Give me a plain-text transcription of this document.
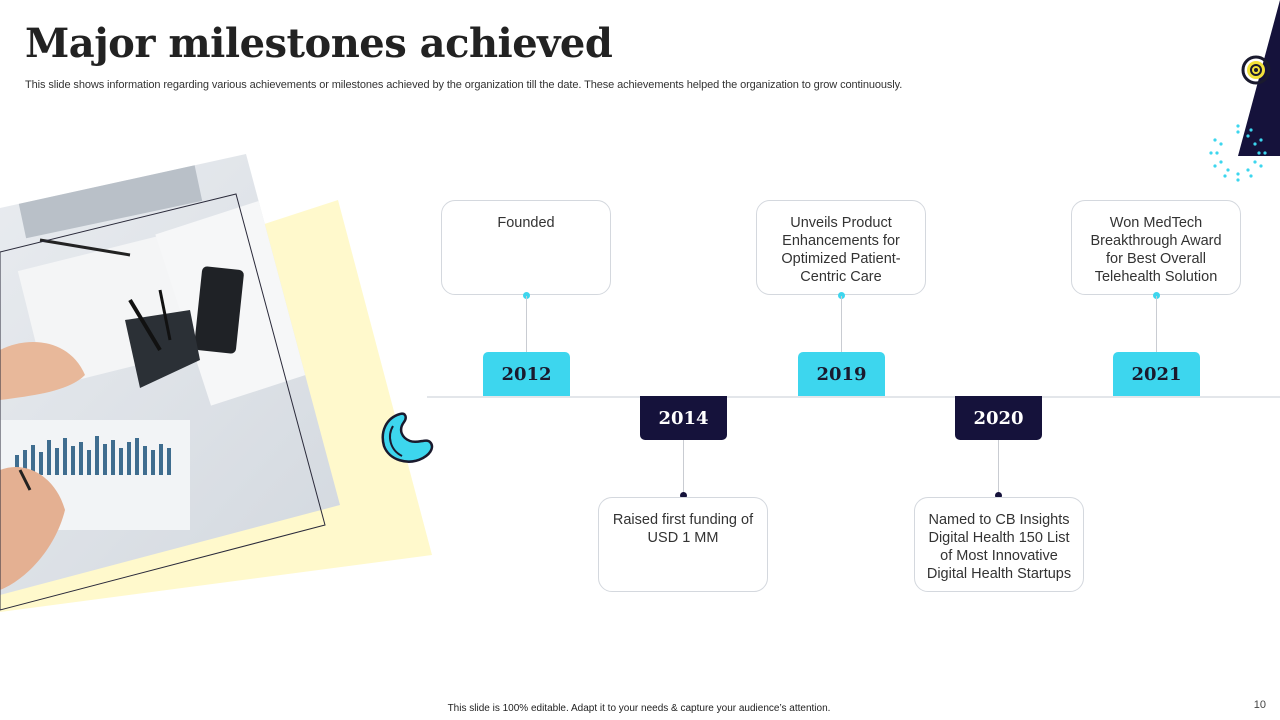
Major milestones achieved
This slide shows information regarding various achievements or milestones achieved by the organization till the date. These achievements helped the organization to grow continuously.
Founded
2012
2014
Raised first funding of USD 1 MM
Unveils Product Enhancements for Optimized Patient-Centric Care
2019
2020
Named to CB Insights Digital Health 150 List of Most Innovative Digital Health Startups
Won MedTech Breakthrough Award for Best Overall Telehealth Solution
2021
This slide is 100% editable. Adapt it to your needs & capture your audience’s attention.	10
